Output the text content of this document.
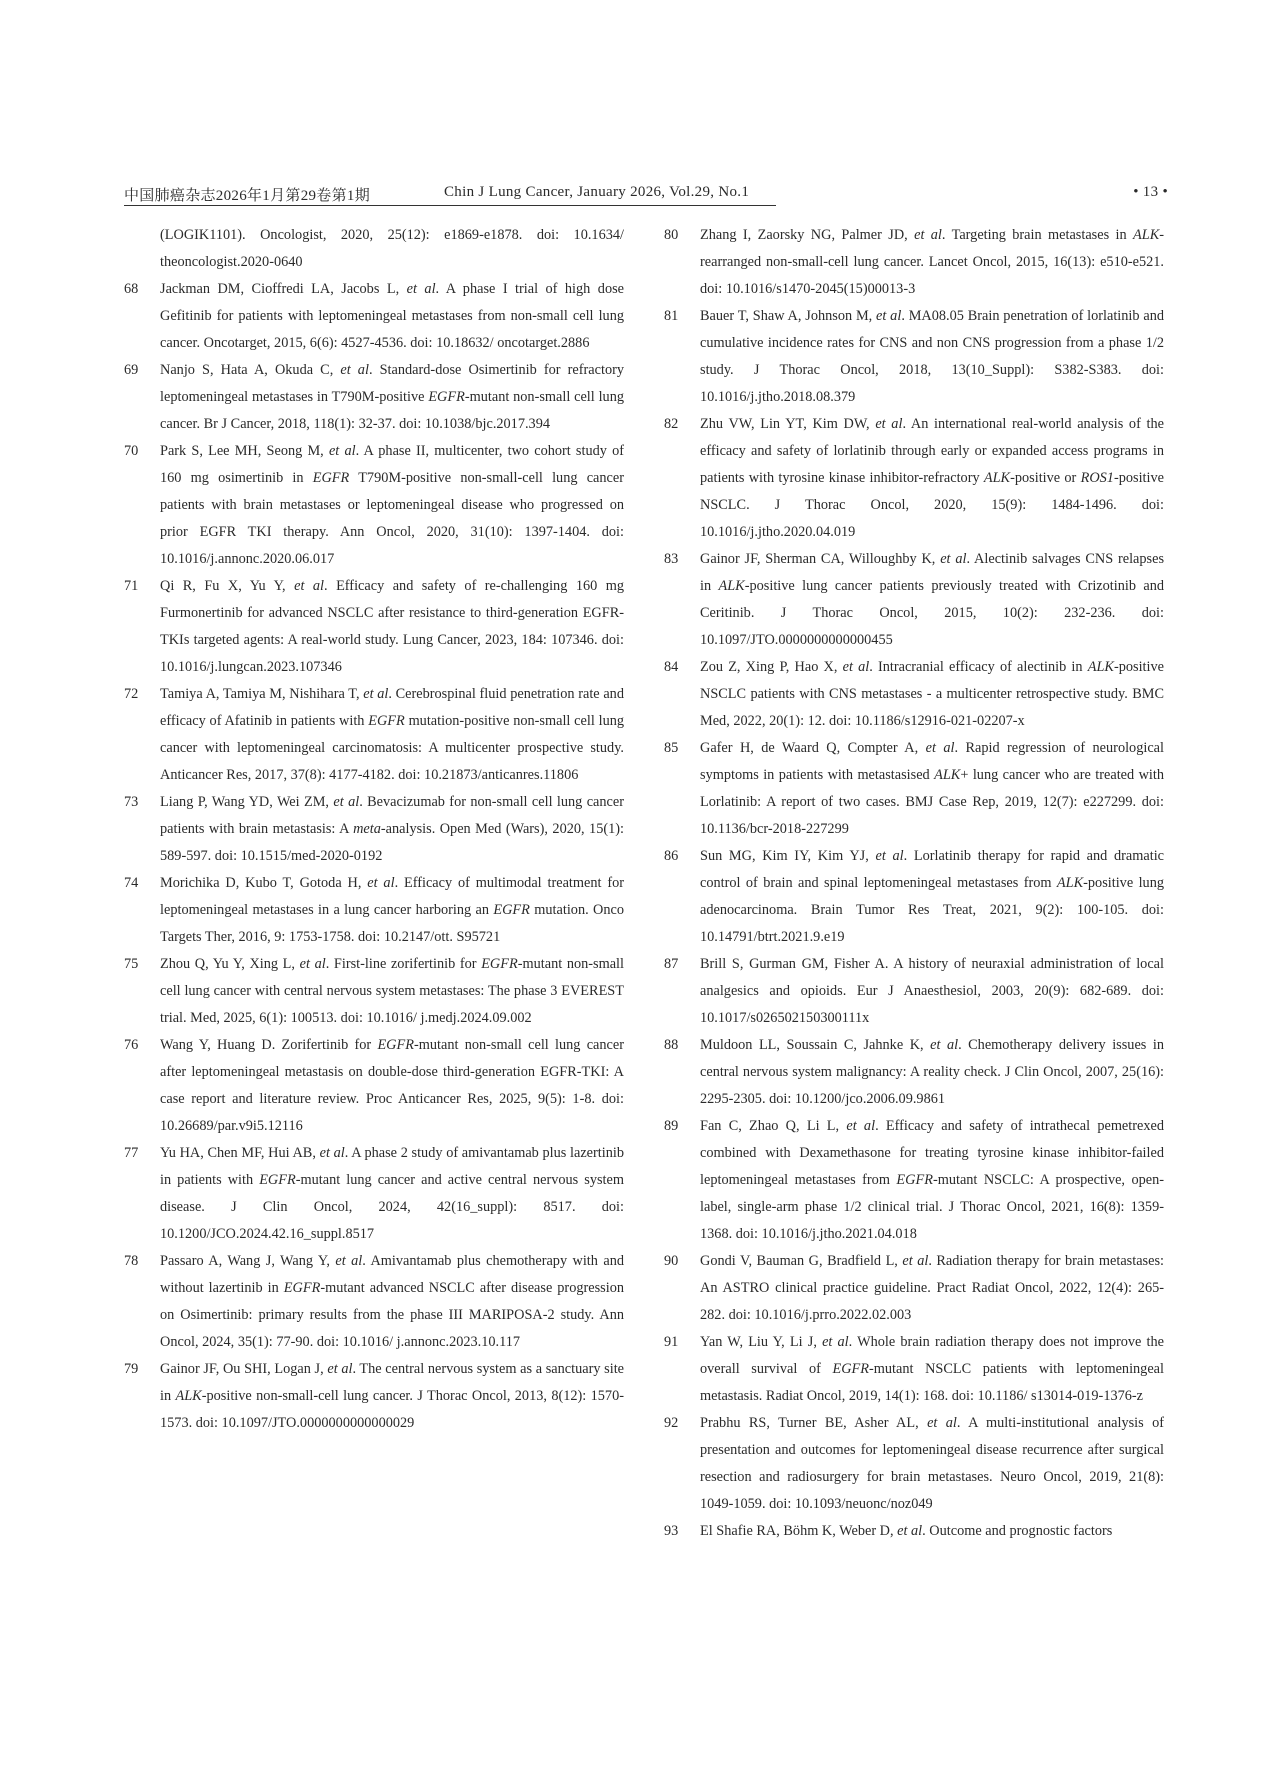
中国肺癌杂志2026年1月第29卷第1期	Chin J Lung Cancer, January 2026, Vol.29, No.1	• 13 •
(LOGIK1101). Oncologist, 2020, 25(12): e1869-e1878. doi: 10.1634/ theoncologist.2020-0640
68 Jackman DM, Cioffredi LA, Jacobs L, et al. A phase I trial of high dose Gefitinib for patients with leptomeningeal metastases from non-small cell lung cancer. Oncotarget, 2015, 6(6): 4527-4536. doi: 10.18632/ oncotarget.2886
69 Nanjo S, Hata A, Okuda C, et al. Standard-dose Osimertinib for refractory leptomeningeal metastases in T790M-positive EGFR-mutant non-small cell lung cancer. Br J Cancer, 2018, 118(1): 32-37. doi: 10.1038/bjc.2017.394
70 Park S, Lee MH, Seong M, et al. A phase II, multicenter, two cohort study of 160 mg osimertinib in EGFR T790M-positive non-small-cell lung cancer patients with brain metastases or leptomeningeal disease who progressed on prior EGFR TKI therapy. Ann Oncol, 2020, 31(10): 1397-1404. doi: 10.1016/j.annonc.2020.06.017
71 Qi R, Fu X, Yu Y, et al. Efficacy and safety of re-challenging 160 mg Furmonertinib for advanced NSCLC after resistance to third-generation EGFR-TKIs targeted agents: A real-world study. Lung Cancer, 2023, 184: 107346. doi: 10.1016/j.lungcan.2023.107346
72 Tamiya A, Tamiya M, Nishihara T, et al. Cerebrospinal fluid penetration rate and efficacy of Afatinib in patients with EGFR mutation-positive non-small cell lung cancer with leptomeningeal carcinomatosis: A multicenter prospective study. Anticancer Res, 2017, 37(8): 4177-4182. doi: 10.21873/anticanres.11806
73 Liang P, Wang YD, Wei ZM, et al. Bevacizumab for non-small cell lung cancer patients with brain metastasis: A meta-analysis. Open Med (Wars), 2020, 15(1): 589-597. doi: 10.1515/med-2020-0192
74 Morichika D, Kubo T, Gotoda H, et al. Efficacy of multimodal treatment for leptomeningeal metastases in a lung cancer harboring an EGFR mutation. Onco Targets Ther, 2016, 9: 1753-1758. doi: 10.2147/ott. S95721
75 Zhou Q, Yu Y, Xing L, et al. First-line zorifertinib for EGFR-mutant non-small cell lung cancer with central nervous system metastases: The phase 3 EVEREST trial. Med, 2025, 6(1): 100513. doi: 10.1016/ j.medj.2024.09.002
76 Wang Y, Huang D. Zorifertinib for EGFR-mutant non-small cell lung cancer after leptomeningeal metastasis on double-dose third-generation EGFR-TKI: A case report and literature review. Proc Anticancer Res, 2025, 9(5): 1-8. doi: 10.26689/par.v9i5.12116
77 Yu HA, Chen MF, Hui AB, et al. A phase 2 study of amivantamab plus lazertinib in patients with EGFR-mutant lung cancer and active central nervous system disease. J Clin Oncol, 2024, 42(16_suppl): 8517. doi: 10.1200/JCO.2024.42.16_suppl.8517
78 Passaro A, Wang J, Wang Y, et al. Amivantamab plus chemotherapy with and without lazertinib in EGFR-mutant advanced NSCLC after disease progression on Osimertinib: primary results from the phase III MARIPOSA-2 study. Ann Oncol, 2024, 35(1): 77-90. doi: 10.1016/ j.annonc.2023.10.117
79 Gainor JF, Ou SHI, Logan J, et al. The central nervous system as a sanctuary site in ALK-positive non-small-cell lung cancer. J Thorac Oncol, 2013, 8(12): 1570-1573. doi: 10.1097/JTO.0000000000000029
80 Zhang I, Zaorsky NG, Palmer JD, et al. Targeting brain metastases in ALK-rearranged non-small-cell lung cancer. Lancet Oncol, 2015, 16(13): e510-e521. doi: 10.1016/s1470-2045(15)00013-3
81 Bauer T, Shaw A, Johnson M, et al. MA08.05 Brain penetration of lorlatinib and cumulative incidence rates for CNS and non CNS progression from a phase 1/2 study. J Thorac Oncol, 2018, 13(10_Suppl): S382-S383. doi: 10.1016/j.jtho.2018.08.379
82 Zhu VW, Lin YT, Kim DW, et al. An international real-world analysis of the efficacy and safety of lorlatinib through early or expanded access programs in patients with tyrosine kinase inhibitor-refractory ALK-positive or ROS1-positive NSCLC. J Thorac Oncol, 2020, 15(9): 1484-1496. doi: 10.1016/j.jtho.2020.04.019
83 Gainor JF, Sherman CA, Willoughby K, et al. Alectinib salvages CNS relapses in ALK-positive lung cancer patients previously treated with Crizotinib and Ceritinib. J Thorac Oncol, 2015, 10(2): 232-236. doi: 10.1097/JTO.0000000000000455
84 Zou Z, Xing P, Hao X, et al. Intracranial efficacy of alectinib in ALK-positive NSCLC patients with CNS metastases - a multicenter retrospective study. BMC Med, 2022, 20(1): 12. doi: 10.1186/s12916-021-02207-x
85 Gafer H, de Waard Q, Compter A, et al. Rapid regression of neurological symptoms in patients with metastasised ALK+ lung cancer who are treated with Lorlatinib: A report of two cases. BMJ Case Rep, 2019, 12(7): e227299. doi: 10.1136/bcr-2018-227299
86 Sun MG, Kim IY, Kim YJ, et al. Lorlatinib therapy for rapid and dramatic control of brain and spinal leptomeningeal metastases from ALK-positive lung adenocarcinoma. Brain Tumor Res Treat, 2021, 9(2): 100-105. doi: 10.14791/btrt.2021.9.e19
87 Brill S, Gurman GM, Fisher A. A history of neuraxial administration of local analgesics and opioids. Eur J Anaesthesiol, 2003, 20(9): 682-689. doi: 10.1017/s026502150300111x
88 Muldoon LL, Soussain C, Jahnke K, et al. Chemotherapy delivery issues in central nervous system malignancy: A reality check. J Clin Oncol, 2007, 25(16): 2295-2305. doi: 10.1200/jco.2006.09.9861
89 Fan C, Zhao Q, Li L, et al. Efficacy and safety of intrathecal pemetrexed combined with Dexamethasone for treating tyrosine kinase inhibitor-failed leptomeningeal metastases from EGFR-mutant NSCLC: A prospective, open-label, single-arm phase 1/2 clinical trial. J Thorac Oncol, 2021, 16(8): 1359-1368. doi: 10.1016/j.jtho.2021.04.018
90 Gondi V, Bauman G, Bradfield L, et al. Radiation therapy for brain metastases: An ASTRO clinical practice guideline. Pract Radiat Oncol, 2022, 12(4): 265-282. doi: 10.1016/j.prro.2022.02.003
91 Yan W, Liu Y, Li J, et al. Whole brain radiation therapy does not improve the overall survival of EGFR-mutant NSCLC patients with leptomeningeal metastasis. Radiat Oncol, 2019, 14(1): 168. doi: 10.1186/ s13014-019-1376-z
92 Prabhu RS, Turner BE, Asher AL, et al. A multi-institutional analysis of presentation and outcomes for leptomeningeal disease recurrence after surgical resection and radiosurgery for brain metastases. Neuro Oncol, 2019, 21(8): 1049-1059. doi: 10.1093/neuonc/noz049
93 El Shafie RA, Böhm K, Weber D, et al. Outcome and prognostic factors
